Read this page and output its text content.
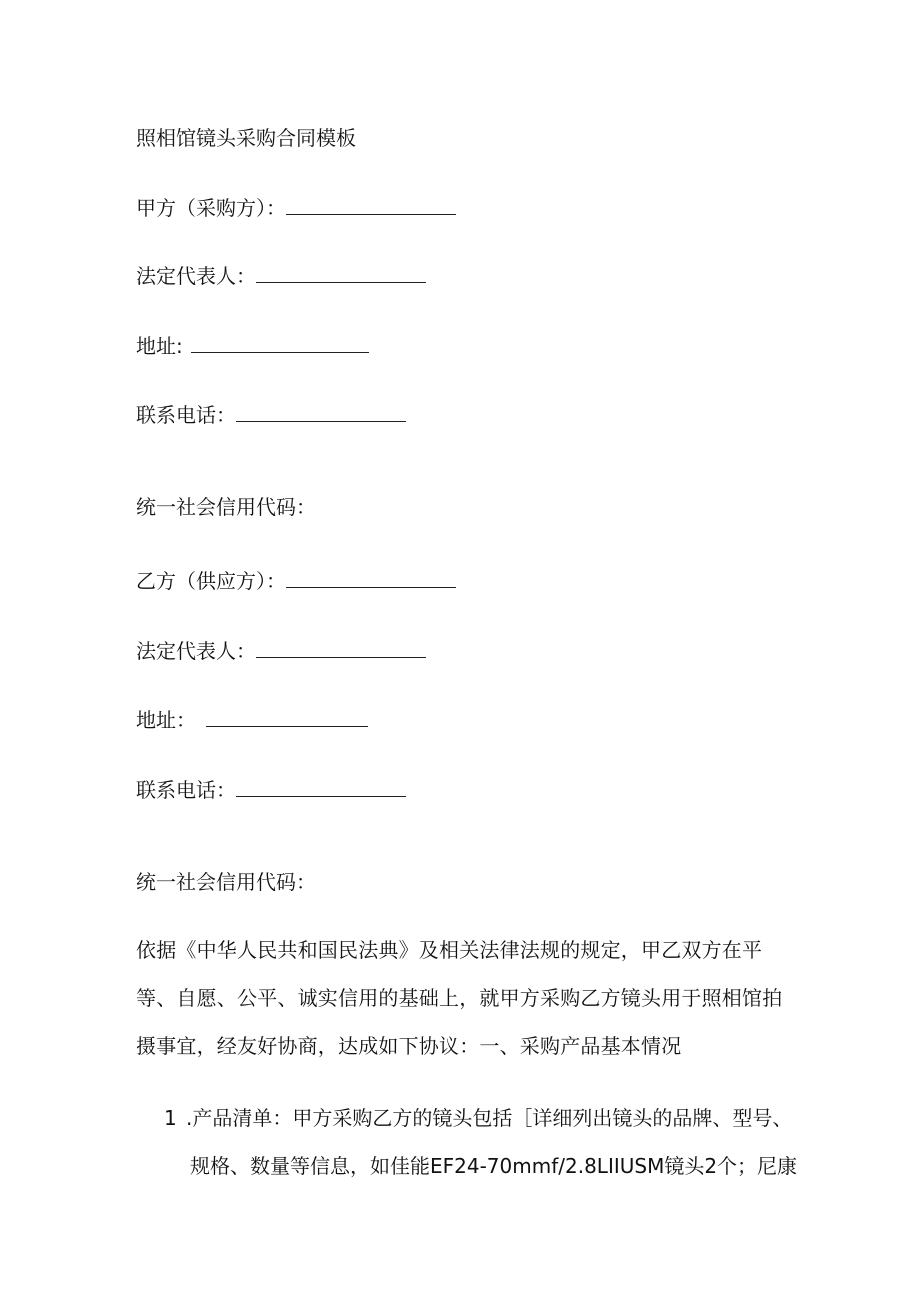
照相馆镜头采购合同模板
甲方（采购方）：
法定代表人：
地址:
联系电话：
统一社会信用代码：
乙方（供应方）：
法定代表人：
地址：
联系电话：
统一社会信用代码：

依据《中华人民共和国民法典》及相关法律法规的规定，甲乙双方在平

等、自愿、公平、诚实信用的基础上，就甲方采购乙方镜头用于照相馆拍

摄事宜，经友好协商，达成如下协议：一、采购产品基本情况

1 .产品清单：甲方采购乙方的镜头包括［详细列出镜头的品牌、型号、
规格、数量等信息，如佳能EF24-70mmf/2.8LIIUSM镜头2个；尼康
